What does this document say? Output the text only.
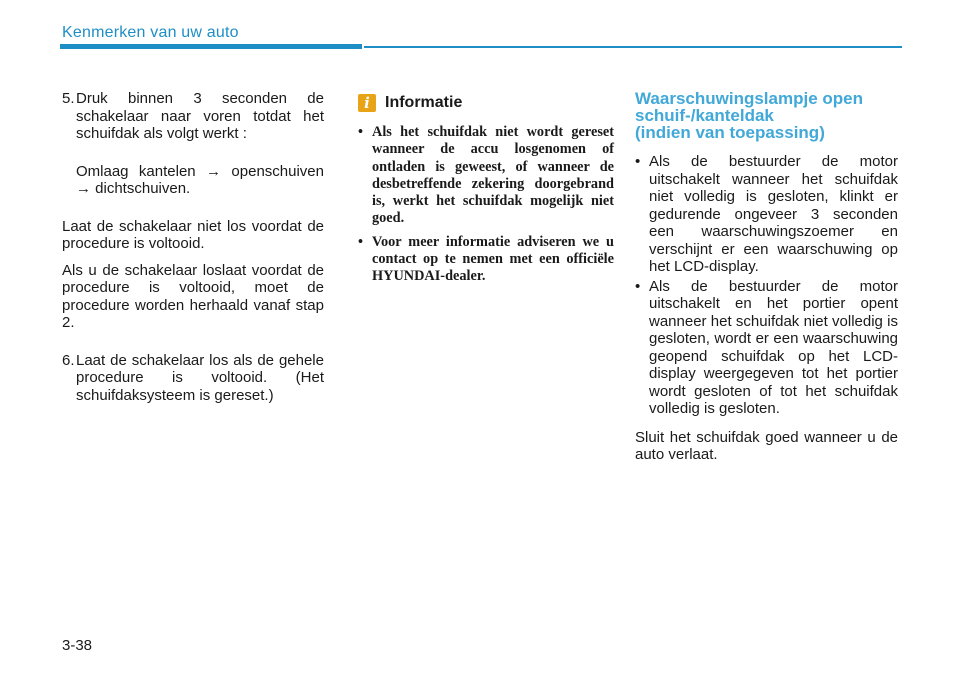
Kenmerken van uw auto
5. Druk binnen 3 seconden de schakelaar naar voren totdat het schuifdak als volgt werkt :
Omlaag kantelen → openschuiven → dichtschuiven.
Laat de schakelaar niet los voordat de procedure is voltooid.
Als u de schakelaar loslaat voordat de procedure is voltooid, moet de procedure worden herhaald vanaf stap 2.
6. Laat de schakelaar los als de gehele procedure is voltooid. (Het schuifdaksysteem is gereset.)
i Informatie
• Als het schuifdak niet wordt gereset wanneer de accu losgenomen of ontladen is geweest, of wanneer de desbetreffende zekering doorgebrand is, werkt het schuifdak mogelijk niet goed.
• Voor meer informatie adviseren we u contact op te nemen met een officiële HYUNDAI-dealer.
Waarschuwingslampje open
schuif-/kanteldak
(indien van toepassing)
• Als de bestuurder de motor uitschakelt wanneer het schuifdak niet volledig is gesloten, klinkt er gedurende ongeveer 3 seconden een waarschuwingszoemer en verschijnt er een waarschuwing op het LCD-display.
• Als de bestuurder de motor uitschakelt en het portier opent wanneer het schuifdak niet volledig is gesloten, wordt er een waarschuwing geopend schuifdak op het LCD-display weergegeven tot het portier wordt gesloten of tot het schuifdak volledig is gesloten.
Sluit het schuifdak goed wanneer u de auto verlaat.
3-38
